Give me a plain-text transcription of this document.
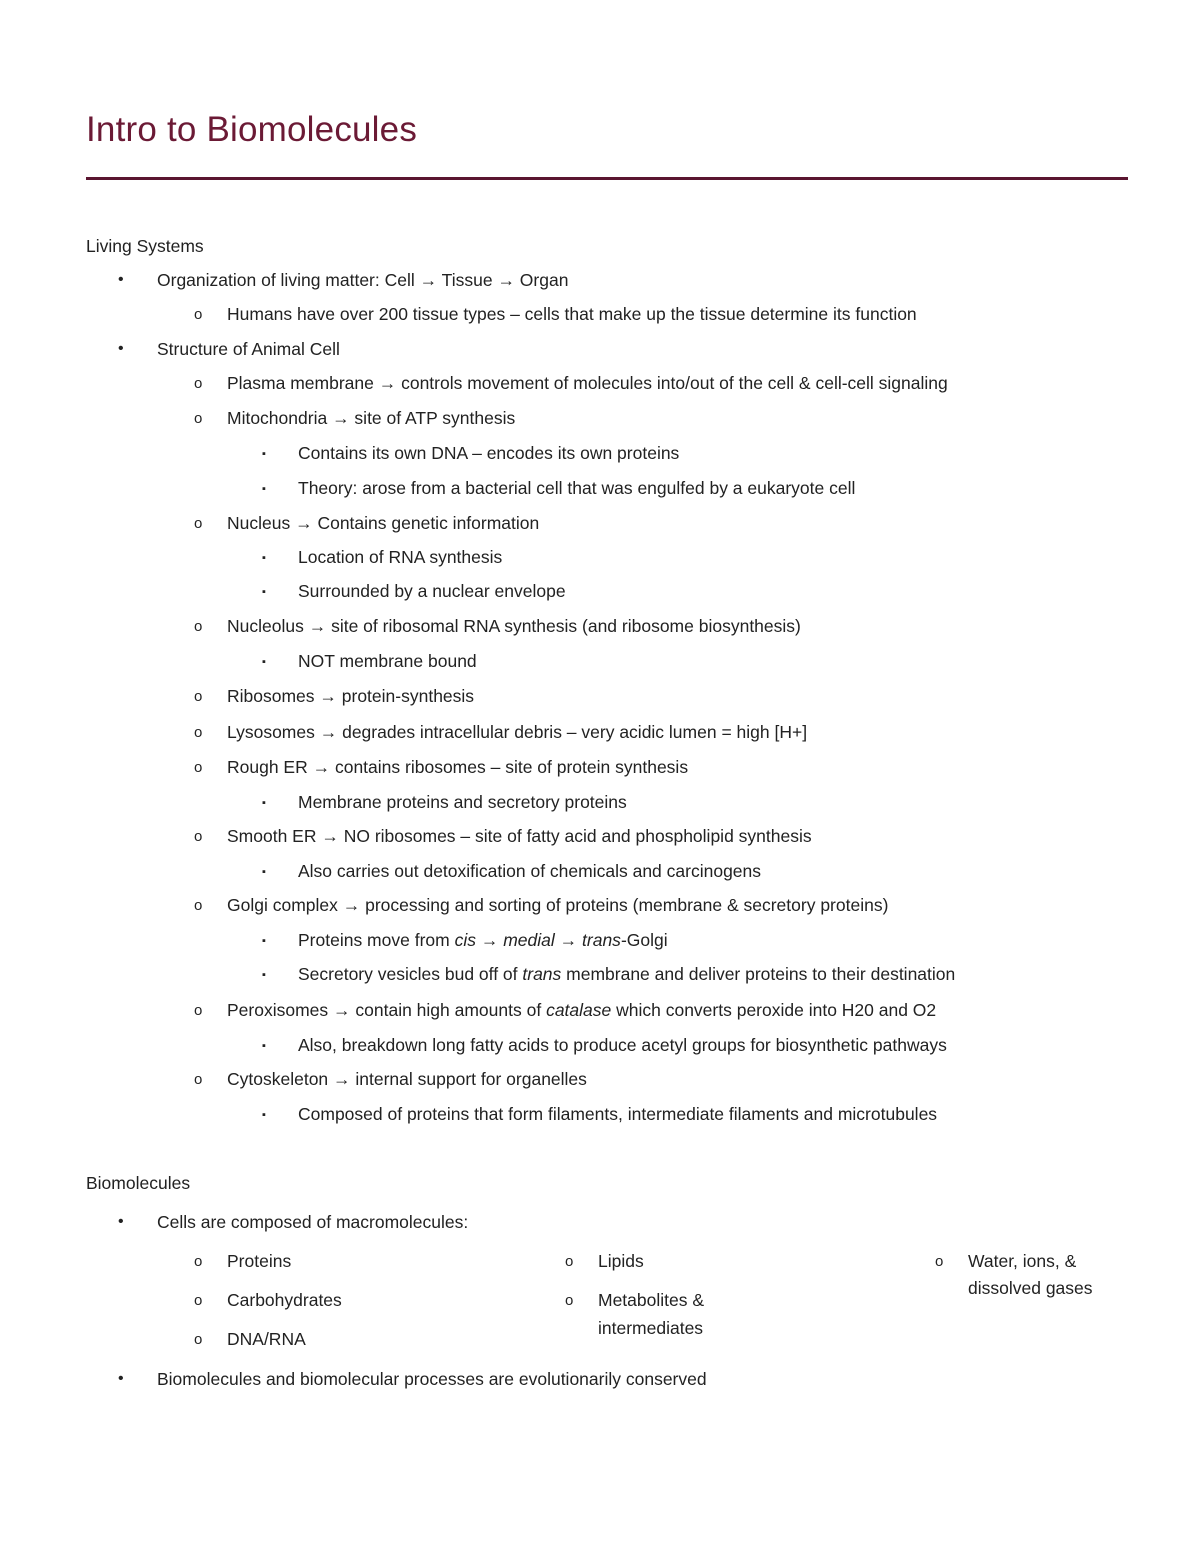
Intro to Biomolecules
Living Systems
• Organization of living matter: Cell → Tissue → Organ
o Humans have over 200 tissue types – cells that make up the tissue determine its function
• Structure of Animal Cell
o Plasma membrane → controls movement of molecules into/out of the cell & cell-cell signaling
o Mitochondria → site of ATP synthesis
▪ Contains its own DNA – encodes its own proteins
▪ Theory: arose from a bacterial cell that was engulfed by a eukaryote cell
o Nucleus → Contains genetic information
▪ Location of RNA synthesis
▪ Surrounded by a nuclear envelope
o Nucleolus → site of ribosomal RNA synthesis (and ribosome biosynthesis)
▪ NOT membrane bound
o Ribosomes → protein-synthesis
o Lysosomes → degrades intracellular debris – very acidic lumen = high [H+]
o Rough ER → contains ribosomes – site of protein synthesis
▪ Membrane proteins and secretory proteins
o Smooth ER → NO ribosomes – site of fatty acid and phospholipid synthesis
▪ Also carries out detoxification of chemicals and carcinogens
o Golgi complex → processing and sorting of proteins (membrane & secretory proteins)
▪ Proteins move from cis → medial → trans-Golgi
▪ Secretory vesicles bud off of trans membrane and deliver proteins to their destination
o Peroxisomes → contain high amounts of catalase which converts peroxide into H20 and O2
▪ Also, breakdown long fatty acids to produce acetyl groups for biosynthetic pathways
o Cytoskeleton → internal support for organelles
▪ Composed of proteins that form filaments, intermediate filaments and microtubules
Biomolecules
• Cells are composed of macromolecules:
o Proteins
o Carbohydrates
o DNA/RNA
o Lipids
o Metabolites &
intermediates
o Water, ions, &
dissolved gases
• Biomolecules and biomolecular processes are evolutionarily conserved
